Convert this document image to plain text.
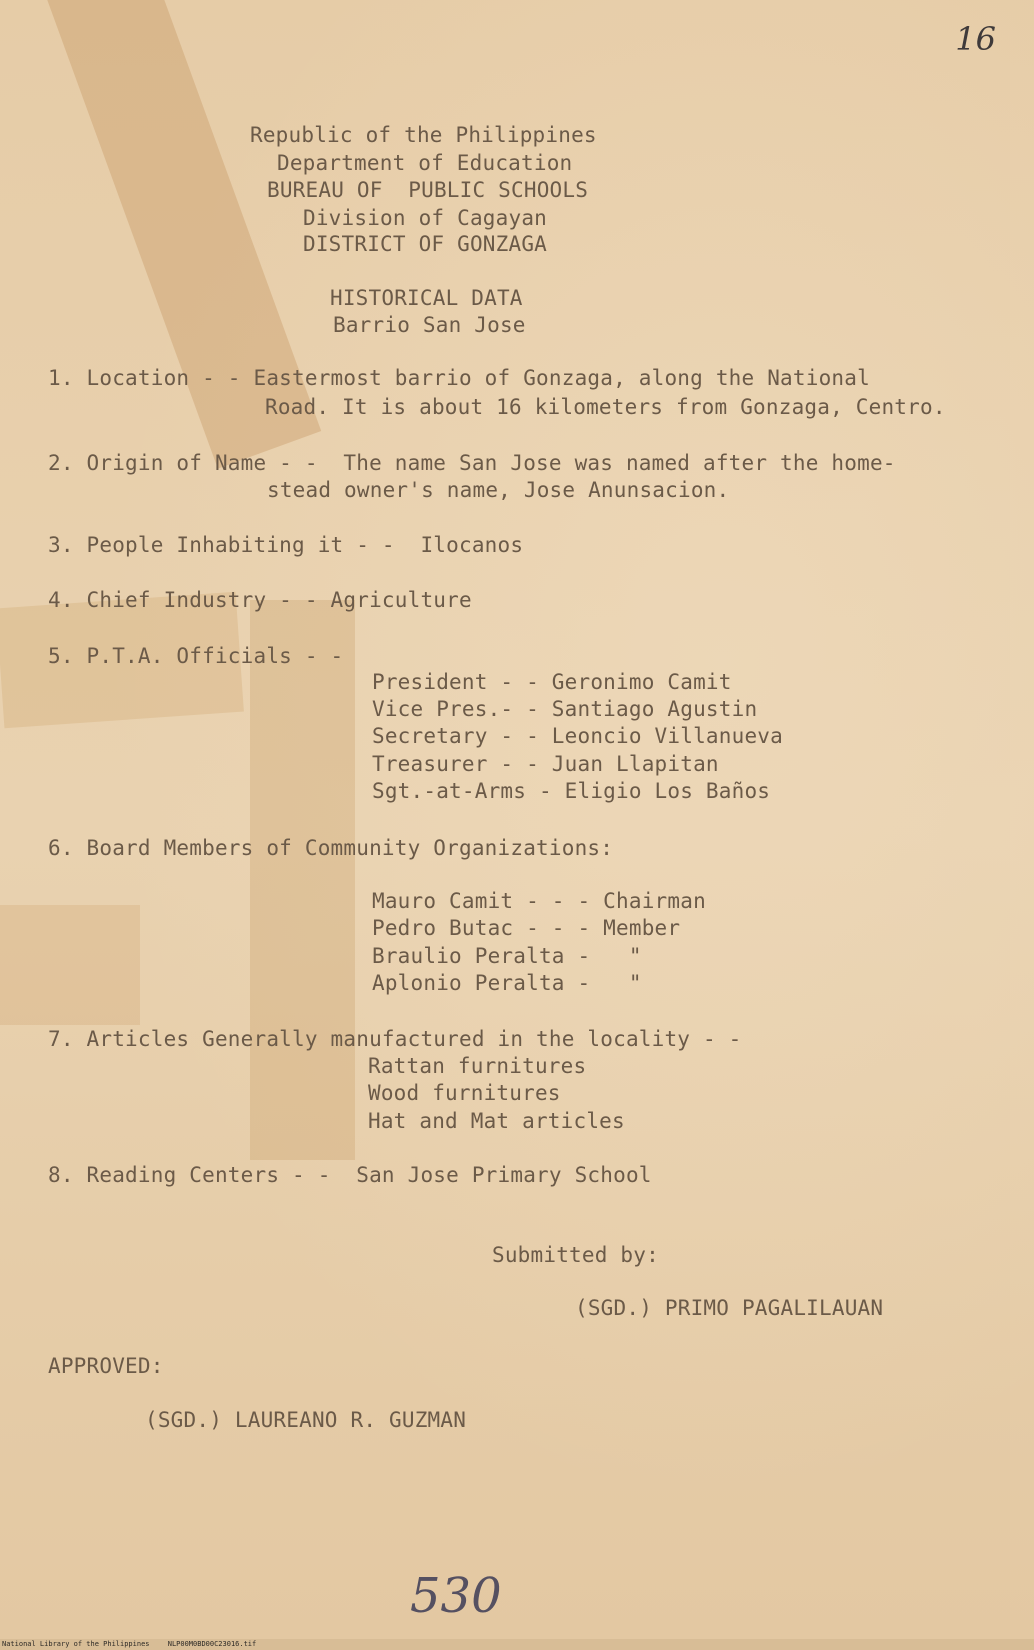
16
Republic of the Philippines
Department of Education
BUREAU OF  PUBLIC SCHOOLS
Division of Cagayan
DISTRICT OF GONZAGA
HISTORICAL DATA
Barrio San Jose
1. Location - - Eastermost barrio of Gonzaga, along the National
Road. It is about 16 kilometers from Gonzaga, Centro.
2. Origin of Name - -  The name San Jose was named after the home-
stead owner's name, Jose Anunsacion.
3. People Inhabiting it - -  Ilocanos
4. Chief Industry - - Agriculture
5. P.T.A. Officials - -
President - - Geronimo Camit
Vice Pres.- - Santiago Agustin
Secretary - - Leoncio Villanueva
Treasurer - - Juan Llapitan
Sgt.-at-Arms - Eligio Los Baños
6. Board Members of Community Organizations:
Mauro Camit - - - Chairman
Pedro Butac - - - Member
Braulio Peralta -   "
Aplonio Peralta -   "
7. Articles Generally manufactured in the locality - -
Rattan furnitures
Wood furnitures
Hat and Mat articles
8. Reading Centers - -  San Jose Primary School
Submitted by:
(SGD.) PRIMO PAGALILAUAN
APPROVED:
(SGD.) LAUREANO R. GUZMAN
530
National Library of the Philippines	NLP00M0BD00C23016.tif
